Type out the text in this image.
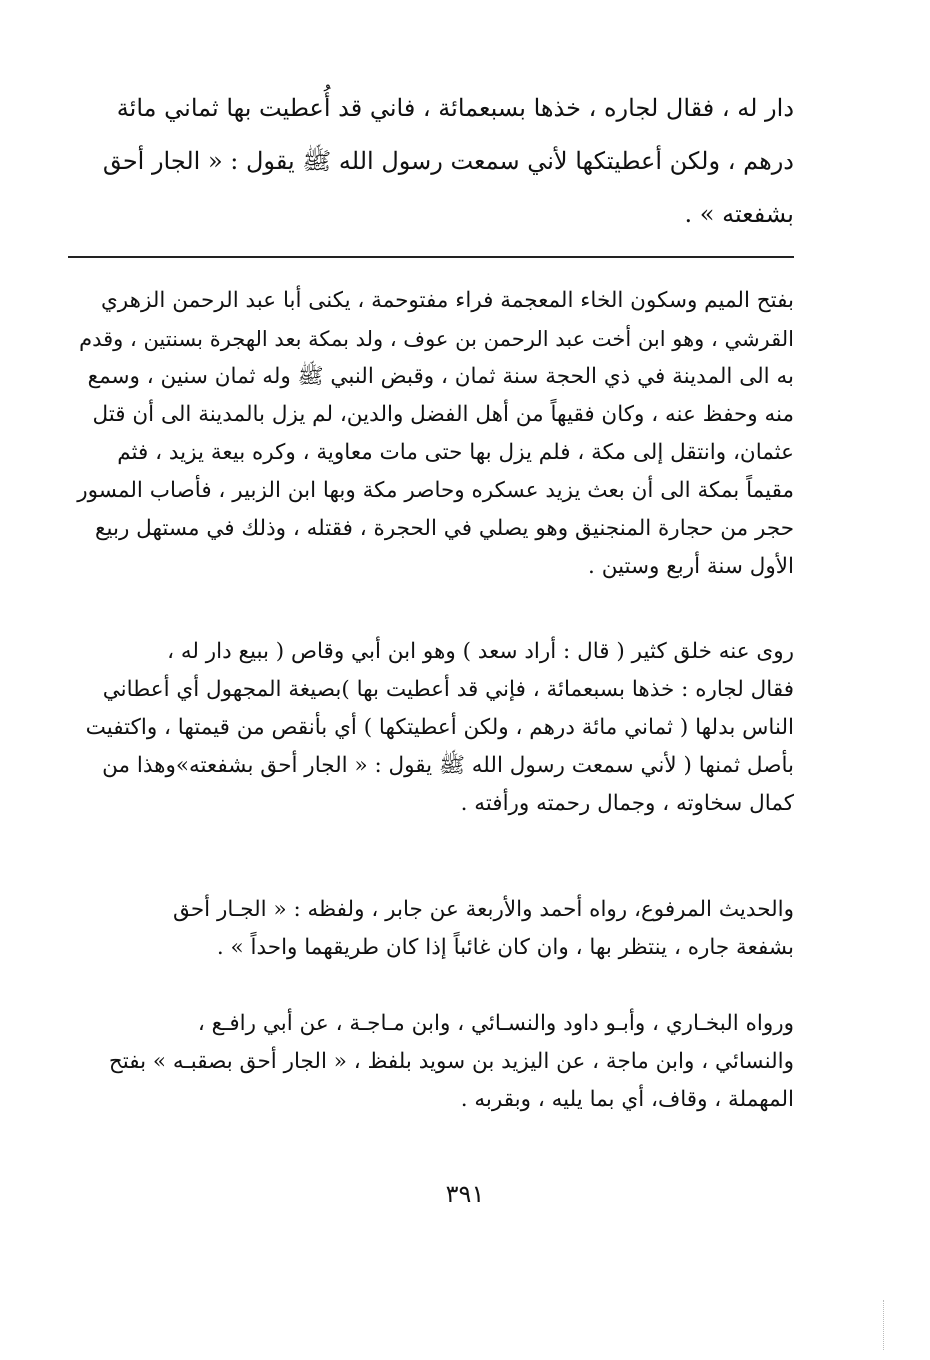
دار له ، فقال لجاره ، خذها بسبعمائة ، فاني قد أُعطيت بها ثماني مائة
درهم ، ولكن أعطيتكها لأني سمعت رسول الله ﷺ يقول : « الجار أحق
بشفعته » .
بفتح الميم وسكون الخاء المعجمة فراء مفتوحمة ، يكنى أبا عبد الرحمن الزهري
القرشي ، وهو ابن أخت عبد الرحمن بن عوف ، ولد بمكة بعد الهجرة بسنتين ، وقدم
به الى المدينة في ذي الحجة سنة ثمان ، وقبض النبي ﷺ وله ثمان سنين ، وسمع
منه وحفظ عنه ، وكان فقيهاً من أهل الفضل والدين، لم يزل بالمدينة الى أن قتل
عثمان، وانتقل إلى مكة ، فلم يزل بها حتى مات معاوية ، وكره بيعة يزيد ، فثم
مقيماً بمكة الى أن بعث يزيد عسكره وحاصر مكة وبها ابن الزبير ، فأصاب المسور
حجر من حجارة المنجنيق وهو يصلي في الحجرة ، فقتله ، وذلك في مستهل ربيع
الأول سنة أربع وستين .
روى عنه خلق كثير ( قال : أراد سعد ) وهو ابن أبي وقاص ( ببيع دار له ،
فقال لجاره : خذها بسبعمائة ، فإني قد أعطيت بها )بصيغة المجهول أي أعطاني
الناس بدلها ( ثماني مائة درهم ، ولكن أعطيتكها ) أي بأنقص من قيمتها ، واكتفيت
بأصل ثمنها ( لأني سمعت رسول الله ﷺ يقول : « الجار أحق بشفعته»وهذا من
كمال سخاوته ، وجمال رحمته ورأفته .
والحديث المرفوع، رواه أحمد والأربعة عن جابر ، ولفظه : « الجـار أحق
بشفعة جاره ، ينتظر بها ، وان كان غائباً إذا كان طريقهما واحداً » .
ورواه البخـاري ، وأبـو داود والنسـائي ، وابن مـاجـة ، عن أبي رافـع ،
والنسائي ، وابن ماجة ، عن اليزيد بن سويد بلفظ ، « الجار أحق بصقبـه » بفتح
المهملة ، وقاف، أي بما يليه ، وبقربه .
٣٩١
